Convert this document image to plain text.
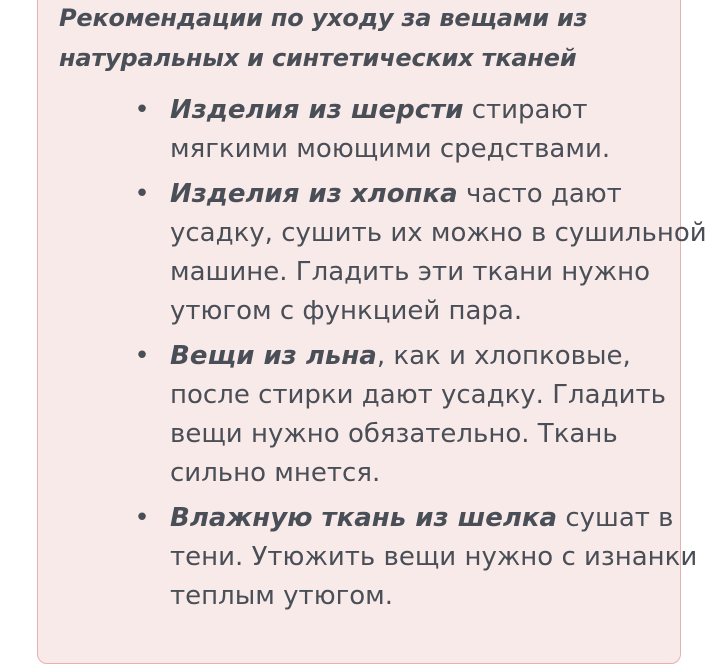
Рекомендации по уходу за вещами из
натуральных и синтетических тканей
• Изделия из шерсти стирают мягкими моющими средствами.
• Изделия из хлопка часто дают усадку, сушить их можно в сушильной машине. Гладить эти ткани нужно утюгом с функцией пара.
• Вещи из льна, как и хлопковые, после стирки дают усадку. Гладить вещи нужно обязательно. Ткань сильно мнется.
• Влажную ткань из шелка сушат в тени. Утюжить вещи нужно с изнанки теплым утюгом.
